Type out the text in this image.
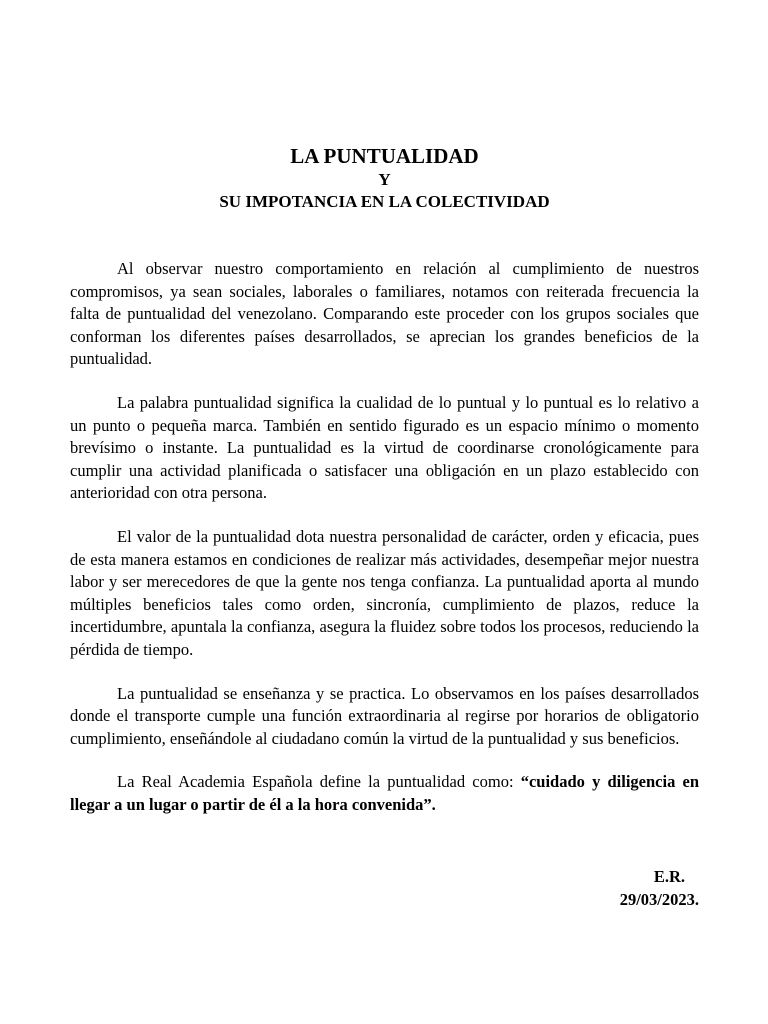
LA PUNTUALIDAD
Y
SU IMPOTANCIA EN LA COLECTIVIDAD

Al observar nuestro comportamiento en relación al cumplimiento de nuestros compromisos, ya sean sociales, laborales o familiares, notamos con reiterada frecuencia la falta de puntualidad del venezolano. Comparando este proceder con los grupos sociales que conforman los diferentes países desarrollados, se aprecian los grandes beneficios de la puntualidad.

La palabra puntualidad significa la cualidad de lo puntual y lo puntual es lo relativo a un punto o pequeña marca. También en sentido figurado es un espacio mínimo o momento brevísimo o instante. La puntualidad es la virtud de coordinarse cronológicamente para cumplir una actividad planificada o satisfacer una obligación en un plazo establecido con anterioridad con otra persona.

El valor de la puntualidad dota nuestra personalidad de carácter, orden y eficacia, pues de esta manera estamos en condiciones de realizar más actividades, desempeñar mejor nuestra labor y ser merecedores de que la gente nos tenga confianza. La puntualidad aporta al mundo múltiples beneficios tales como orden, sincronía, cumplimiento de plazos, reduce la incertidumbre, apuntala la confianza, asegura la fluidez sobre todos los procesos, reduciendo la pérdida de tiempo.

La puntualidad se enseñanza y se practica. Lo observamos en los países desarrollados donde el transporte cumple una función extraordinaria al regirse por horarios de obligatorio cumplimiento, enseñándole al ciudadano común la virtud de la puntualidad y sus beneficios.

La Real Academia Española define la puntualidad como: “cuidado y diligencia en llegar a un lugar o partir de él a la hora convenida”.

E.R.
29/03/2023.
